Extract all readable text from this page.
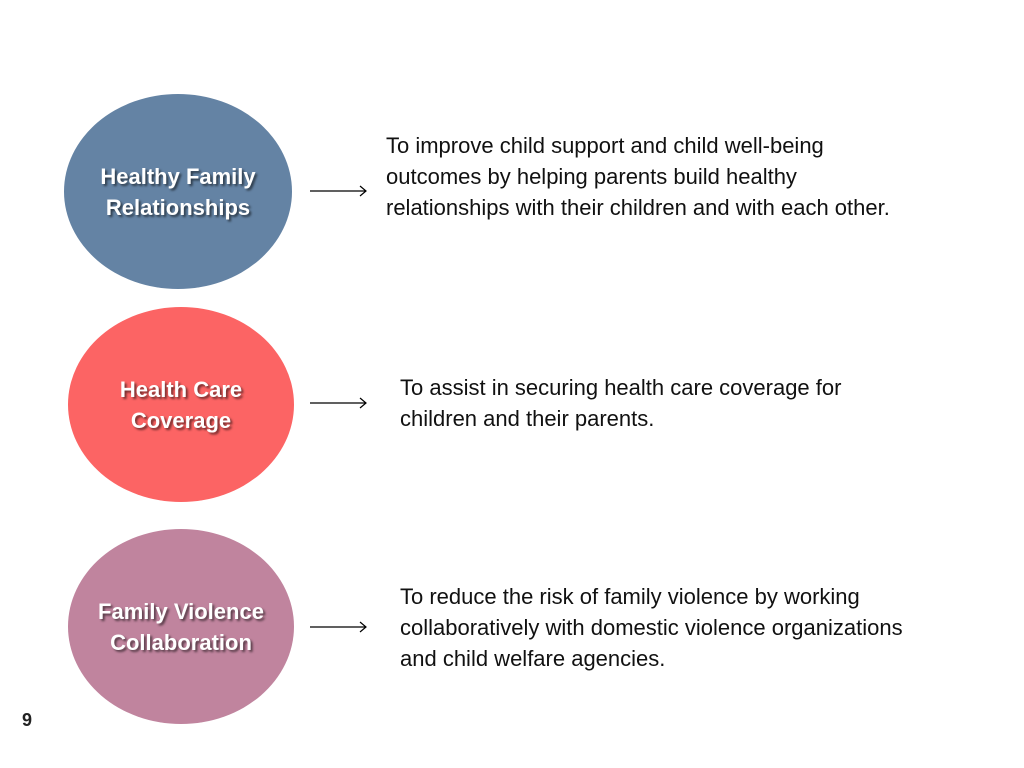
Healthy Family
Relationships
To improve child support and child well-being outcomes by helping parents build healthy relationships with their children and with each other.
Health Care
Coverage
To assist in securing health care coverage for children and their parents.
Family Violence
Collaboration
To reduce the risk of family violence by working collaboratively with domestic violence organizations and child welfare agencies.
9
